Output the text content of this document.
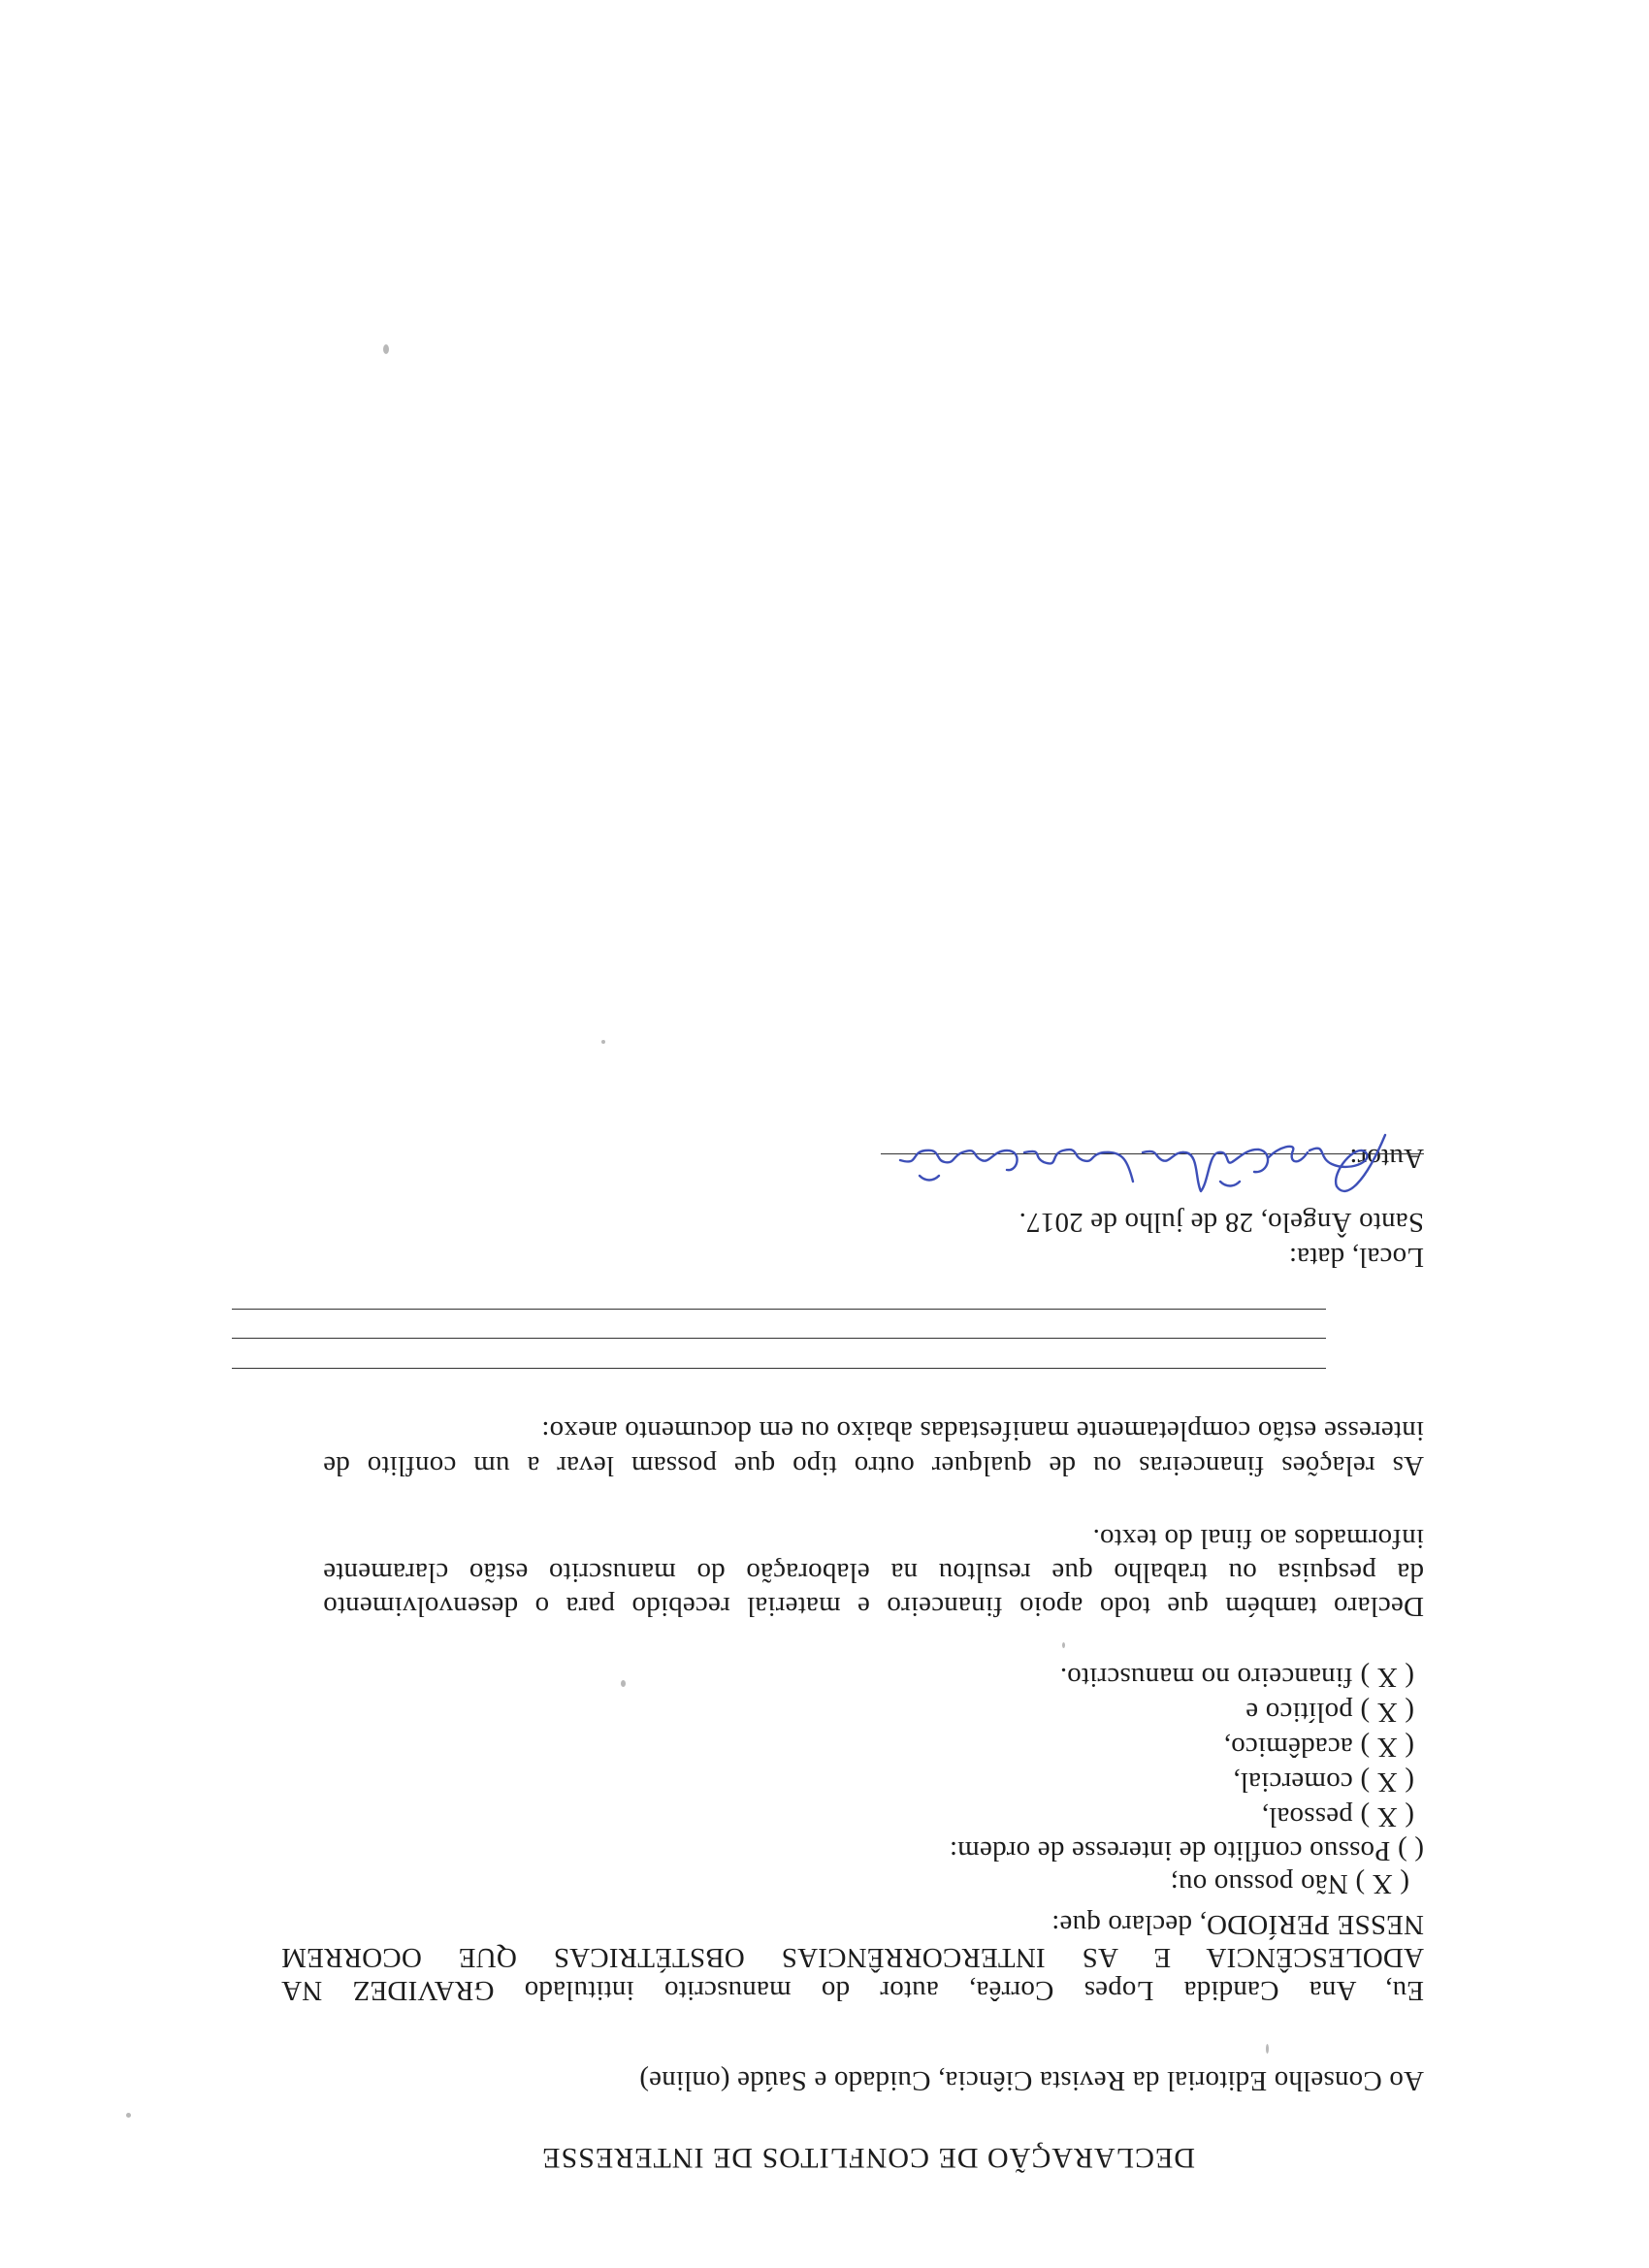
DECLARAÇÃO DE CONFLITOS DE INTERESSE
Ao Conselho Editorial da Revista Ciência, Cuidado e Saúde (online)
Eu, Ana Candida Lopes Corrêa, autor do manuscrito intitulado GRAVIDEZ NA
ADOLESCÊNCIA E AS INTERCORRÊNCIAS OBSTÉTRICAS QUE OCORREM
NESSE PERÍODO, declaro que:
( X ) Não possuo ou;
( ) Possuo conflito de interesse de ordem:
( X ) pessoal,
( X ) comercial,
( X ) acadêmico,
( X ) político e
( X ) financeiro no manuscrito.
Declaro também que todo apoio financeiro e material recebido para o desenvolvimento
da pesquisa ou trabalho que resultou na elaboração do manuscrito estão claramente
informados ao final do texto.
As relações financeiras ou de qualquer outro tipo que possam levar a um conflito de
interesse estão completamente manifestadas abaixo ou em documento anexo:
Local, data:
Santo Ângelo, 28 de julho de 2017.
Autor:
